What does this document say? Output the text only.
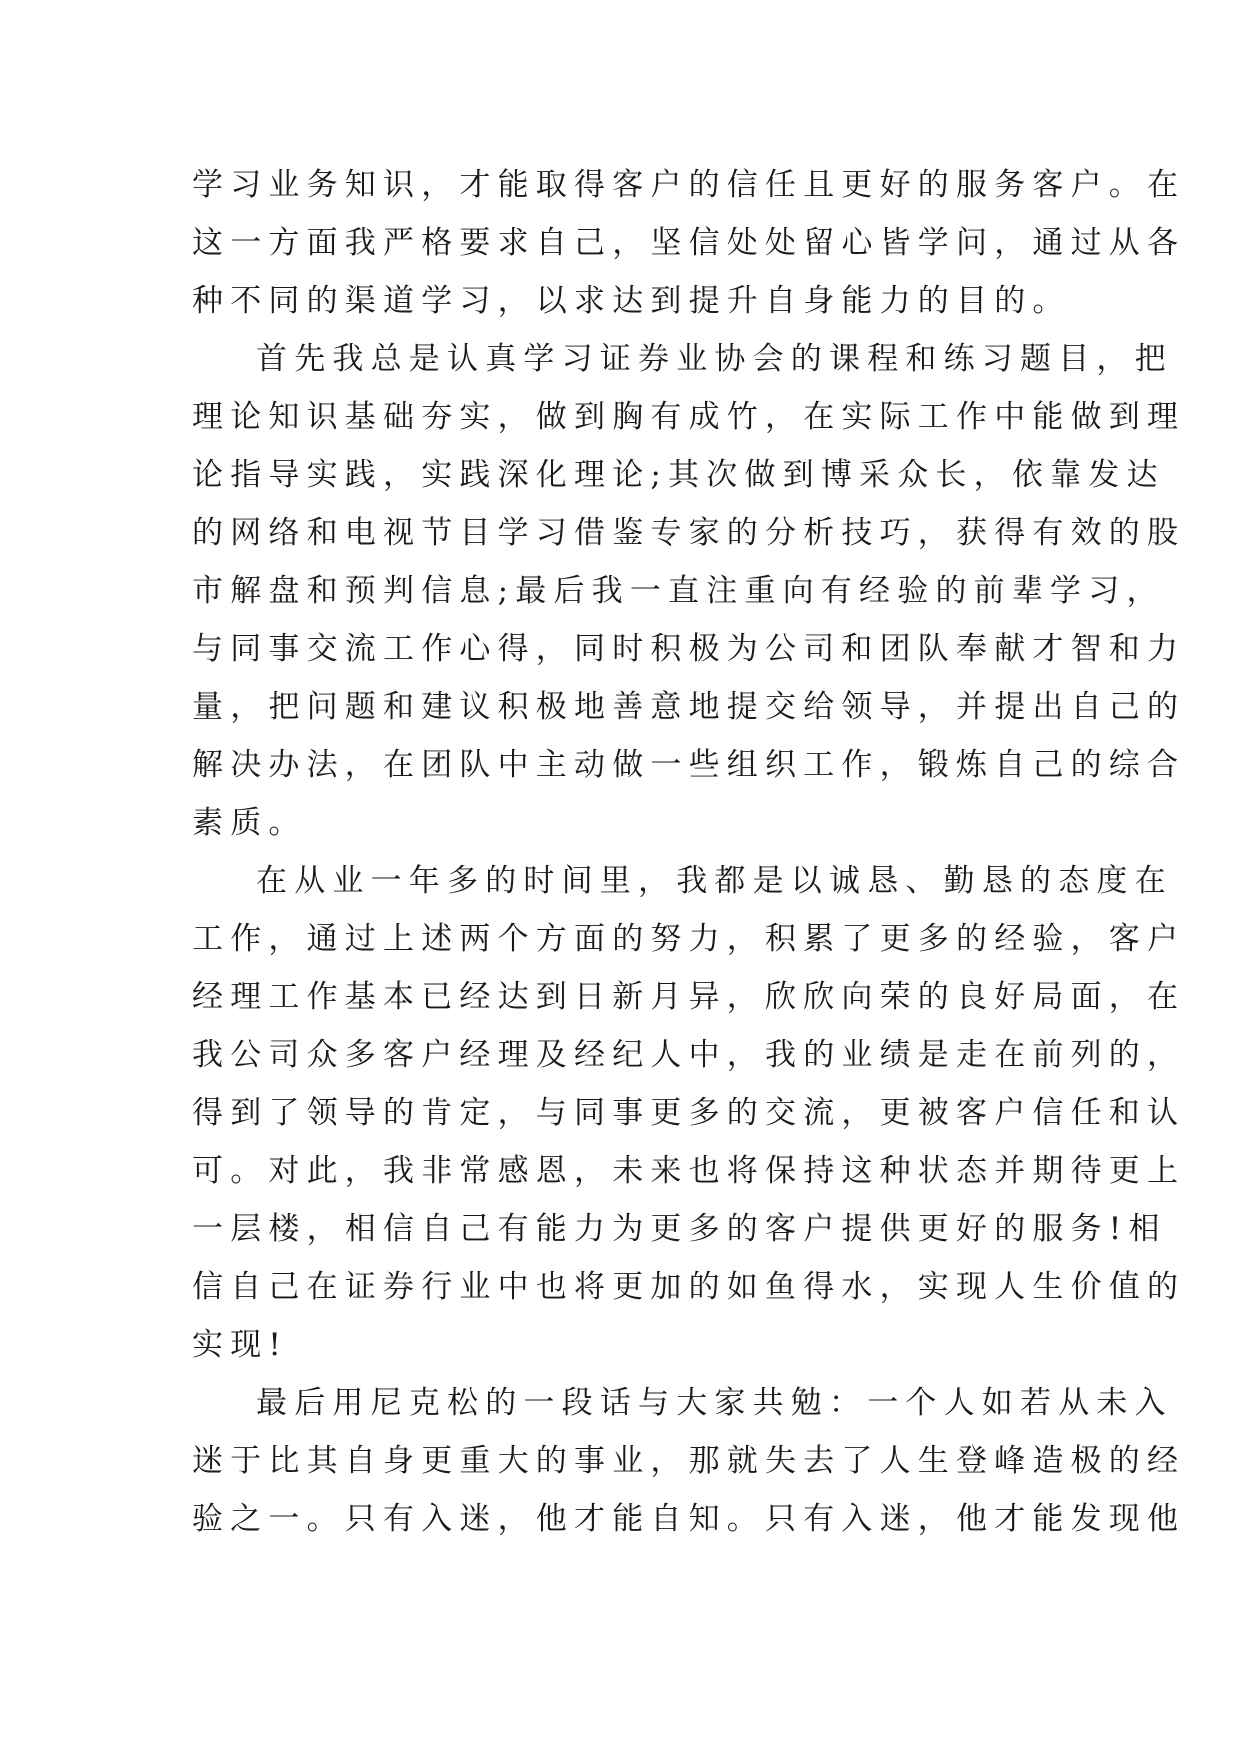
学习业务知识，才能取得客户的信任且更好的服务客户。在
这一方面我严格要求自己，坚信处处留心皆学问，通过从各
种不同的渠道学习，以求达到提升自身能力的目的。
首先我总是认真学习证券业协会的课程和练习题目，把
理论知识基础夯实，做到胸有成竹，在实际工作中能做到理
论指导实践，实践深化理论;其次做到博采众长，依靠发达
的网络和电视节目学习借鉴专家的分析技巧，获得有效的股
市解盘和预判信息;最后我一直注重向有经验的前辈学习，
与同事交流工作心得，同时积极为公司和团队奉献才智和力
量，把问题和建议积极地善意地提交给领导，并提出自己的
解决办法，在团队中主动做一些组织工作，锻炼自己的综合
素质。
在从业一年多的时间里，我都是以诚恳、勤恳的态度在
工作，通过上述两个方面的努力，积累了更多的经验，客户
经理工作基本已经达到日新月异，欣欣向荣的良好局面，在
我公司众多客户经理及经纪人中，我的业绩是走在前列的，
得到了领导的肯定，与同事更多的交流，更被客户信任和认
可。对此，我非常感恩，未来也将保持这种状态并期待更上
一层楼，相信自己有能力为更多的客户提供更好的服务!相
信自己在证券行业中也将更加的如鱼得水，实现人生价值的
实现!
最后用尼克松的一段话与大家共勉：一个人如若从未入
迷于比其自身更重大的事业，那就失去了人生登峰造极的经
验之一。只有入迷，他才能自知。只有入迷，他才能发现他
